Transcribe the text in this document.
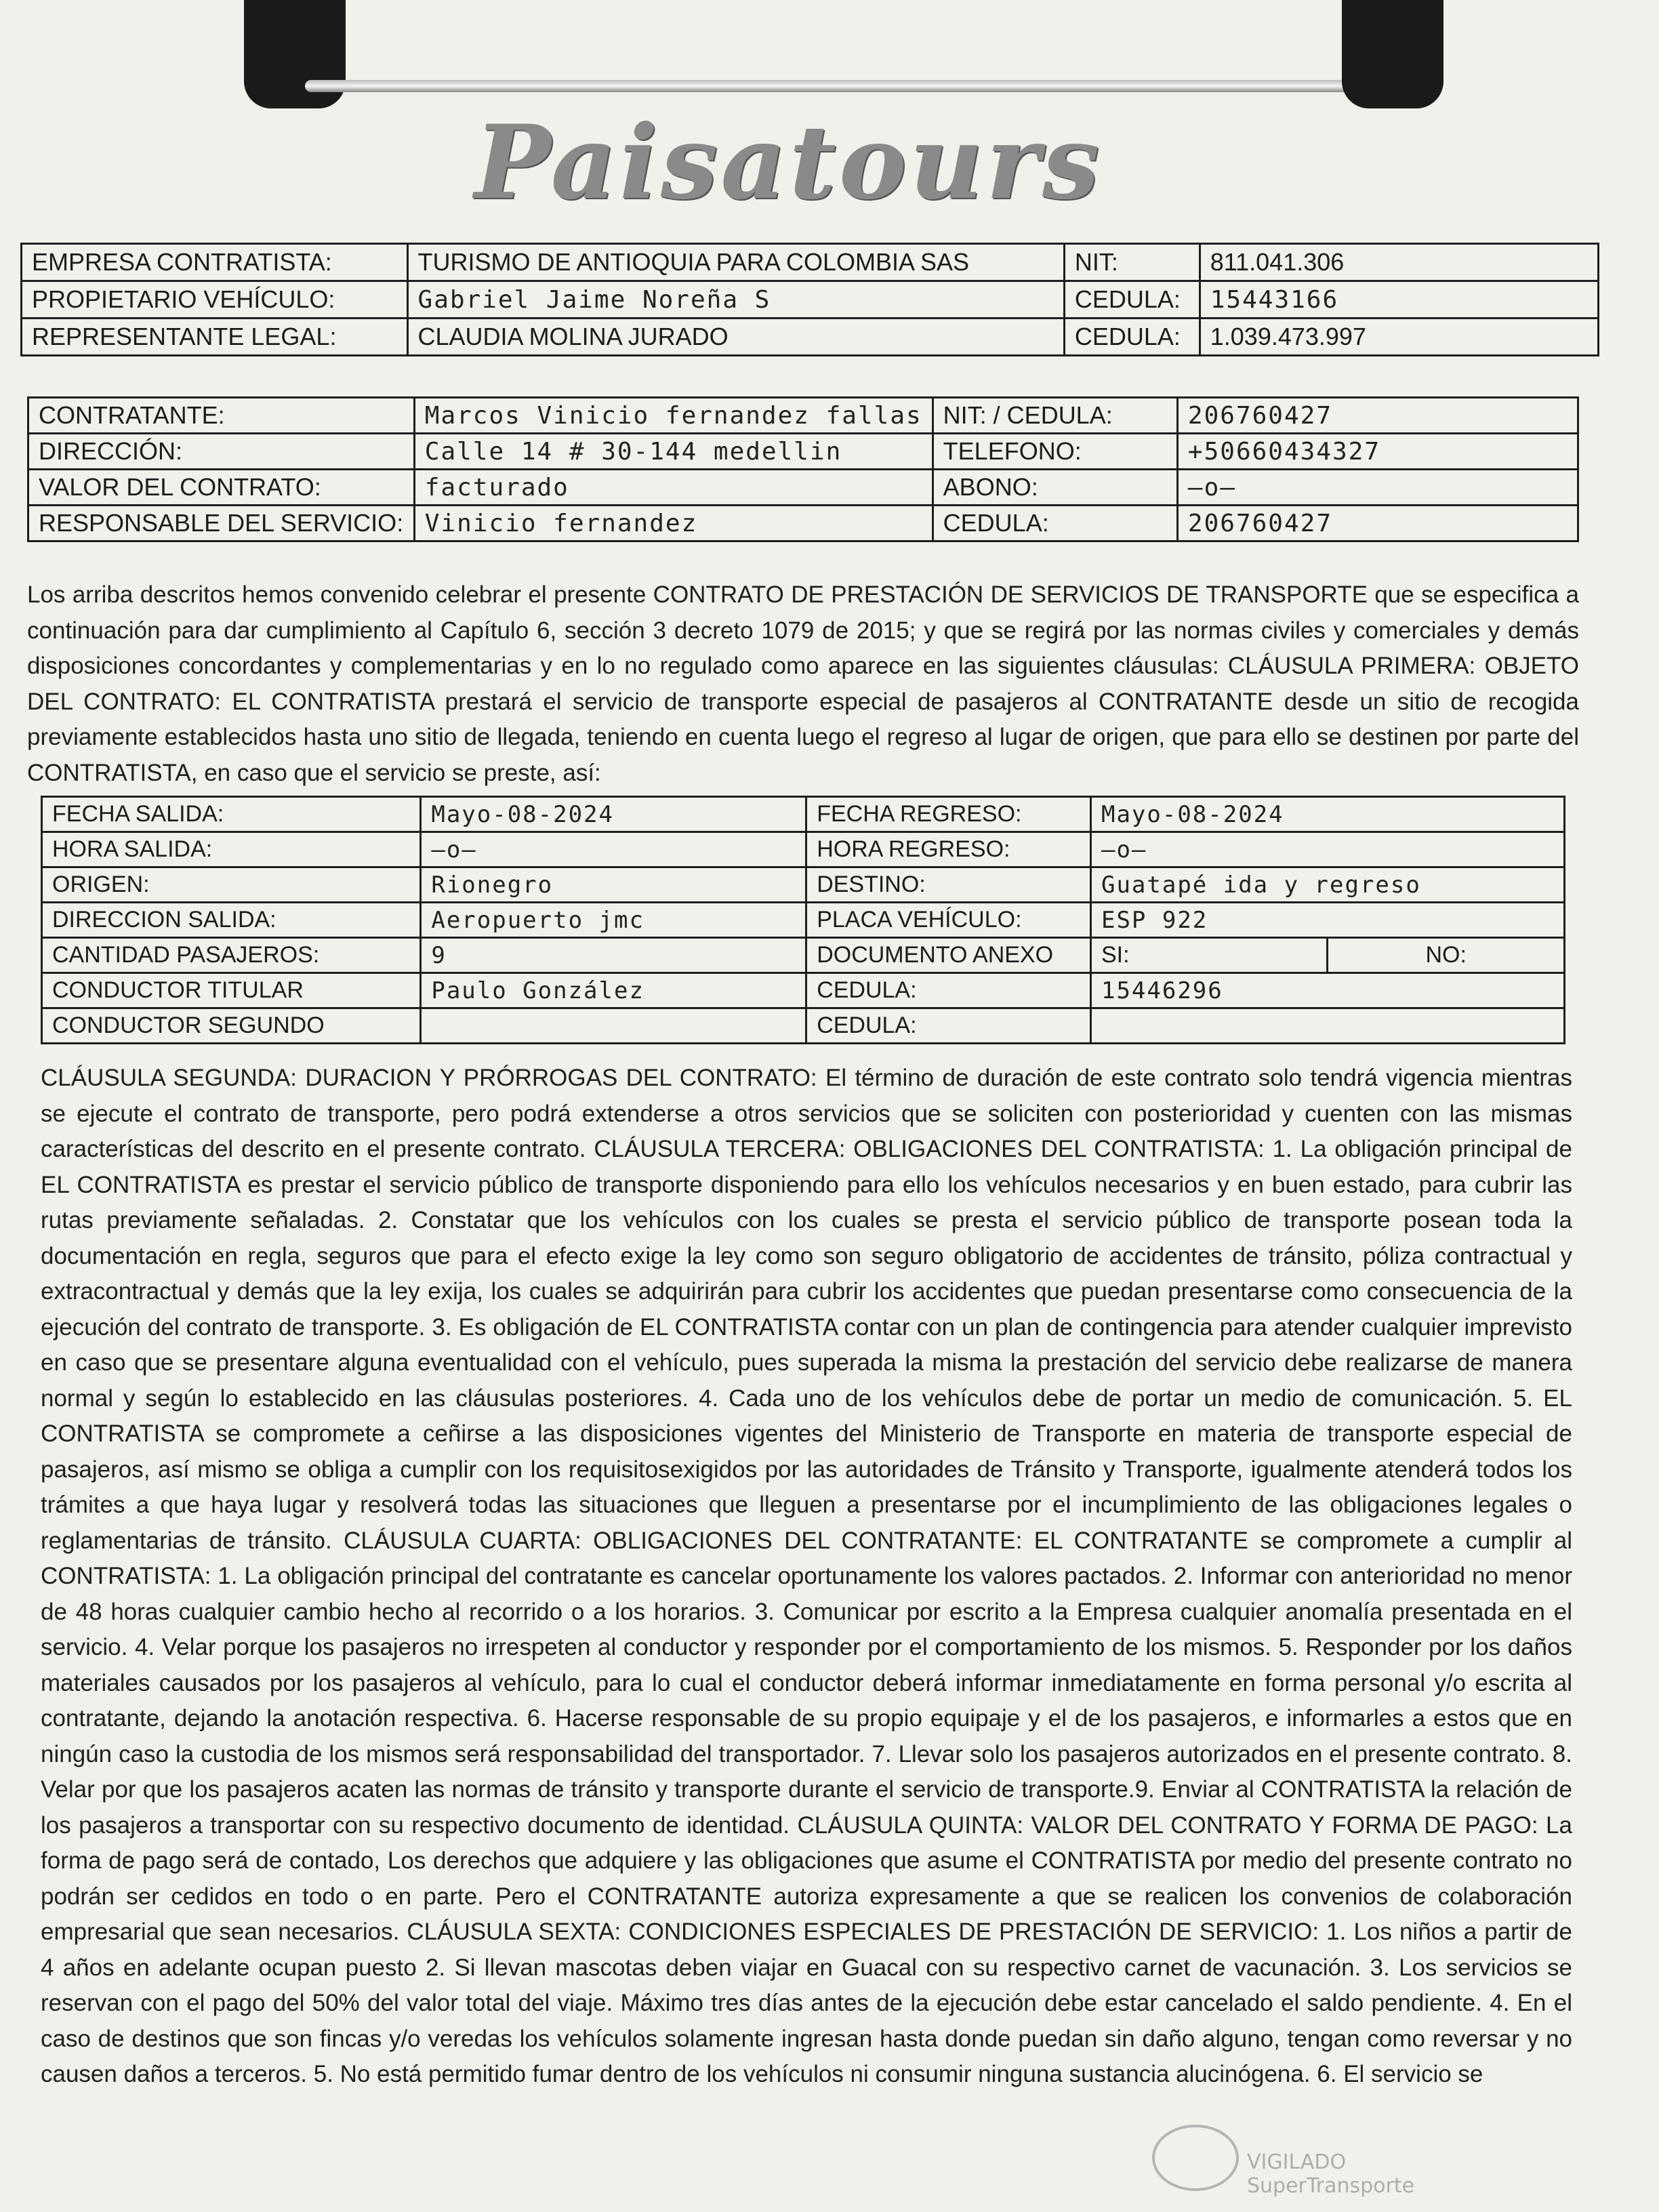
Paisatours
EMPRESA CONTRATISTA:	TURISMO DE ANTIOQUIA PARA COLOMBIA SAS	NIT:	811.041.306
PROPIETARIO VEHÍCULO:	Gabriel Jaime Noreña S	CEDULA:	15443166
REPRESENTANTE LEGAL:	CLAUDIA MOLINA JURADO	CEDULA:	1.039.473.997
CONTRATANTE:	Marcos Vinicio fernandez fallas	NIT: / CEDULA:	206760427
DIRECCIÓN:	Calle 14 # 30-144 medellin	TELEFONO:	+50660434327
VALOR DEL CONTRATO:	facturado	ABONO:	—o—
RESPONSABLE DEL SERVICIO:	Vinicio fernandez	CEDULA:	206760427

Los arriba descritos hemos convenido celebrar el presente CONTRATO DE PRESTACIÓN DE SERVICIOS DE TRANSPORTE que se especifica a continuación para dar cumplimiento al Capítulo 6, sección 3 decreto 1079 de 2015; y que se regirá por las normas civiles y comerciales y demás disposiciones concordantes y complementarias y en lo no regulado como aparece en las siguientes cláusulas: CLÁUSULA PRIMERA: OBJETO DEL CONTRATO: EL CONTRATISTA prestará el servicio de transporte especial de pasajeros al CONTRATANTE desde un sitio de recogida previamente establecidos hasta uno sitio de llegada, teniendo en cuenta luego el regreso al lugar de origen, que para ello se destinen por parte del CONTRATISTA, en caso que el servicio se preste, así:

FECHA SALIDA:	Mayo-08-2024	FECHA REGRESO:	Mayo-08-2024	
HORA SALIDA:	—o—	HORA REGRESO:	—o—	
ORIGEN:	Rionegro	DESTINO:	Guatapé ida y regreso	
DIRECCION SALIDA:	Aeropuerto jmc	PLACA VEHÍCULO:	ESP 922	
CANTIDAD PASAJEROS:	9	DOCUMENTO ANEXO	SI:	NO:
CONDUCTOR TITULAR	Paulo González	CEDULA:	15446296	
CONDUCTOR SEGUNDO		CEDULA:		

CLÁUSULA SEGUNDA: DURACION Y PRÓRROGAS DEL CONTRATO: El término de duración de este contrato solo tendrá vigencia mientras se ejecute el contrato de transporte, pero podrá extenderse a otros servicios que se soliciten con posterioridad y cuenten con las mismas características del descrito en el presente contrato. CLÁUSULA TERCERA: OBLIGACIONES DEL CONTRATISTA: 1. La obligación principal de EL CONTRATISTA es prestar el servicio público de transporte disponiendo para ello los vehículos necesarios y en buen estado, para cubrir las rutas previamente señaladas. 2. Constatar que los vehículos con los cuales se presta el servicio público de transporte posean toda la documentación en regla, seguros que para el efecto exige la ley como son seguro obligatorio de accidentes de tránsito, póliza contractual y extracontractual y demás que la ley exija, los cuales se adquirirán para cubrir los accidentes que puedan presentarse como consecuencia de la ejecución del contrato de transporte. 3. Es obligación de EL CONTRATISTA contar con un plan de contingencia para atender cualquier imprevisto en caso que se presentare alguna eventualidad con el vehículo, pues superada la misma la prestación del servicio debe realizarse de manera normal y según lo establecido en las cláusulas posteriores. 4. Cada uno de los vehículos debe de portar un medio de comunicación. 5. EL CONTRATISTA se compromete a ceñirse a las disposiciones vigentes del Ministerio de Transporte en materia de transporte especial de pasajeros, así mismo se obliga a cumplir con los requisitosexigidos por las autoridades de Tránsito y Transporte, igualmente atenderá todos los trámites a que haya lugar y resolverá todas las situaciones que lleguen a presentarse por el incumplimiento de las obligaciones legales o reglamentarias de tránsito. CLÁUSULA CUARTA: OBLIGACIONES DEL CONTRATANTE: EL CONTRATANTE se compromete a cumplir al CONTRATISTA: 1. La obligación principal del contratante es cancelar oportunamente los valores pactados. 2. Informar con anterioridad no menor de 48 horas cualquier cambio hecho al recorrido o a los horarios. 3. Comunicar por escrito a la Empresa cualquier anomalía presentada en el servicio. 4. Velar porque los pasajeros no irrespeten al conductor y responder por el comportamiento de los mismos. 5. Responder por los daños materiales causados por los pasajeros al vehículo, para lo cual el conductor deberá informar inmediatamente en forma personal y/o escrita al contratante, dejando la anotación respectiva. 6. Hacerse responsable de su propio equipaje y el de los pasajeros, e informarles a estos que en ningún caso la custodia de los mismos será responsabilidad del transportador. 7. Llevar solo los pasajeros autorizados en el presente contrato. 8. Velar por que los pasajeros acaten las normas de tránsito y transporte durante el servicio de transporte.9. Enviar al CONTRATISTA la relación de los pasajeros a transportar con su respectivo documento de identidad. CLÁUSULA QUINTA: VALOR DEL CONTRATO Y FORMA DE PAGO: La forma de pago será de contado, Los derechos que adquiere y las obligaciones que asume el CONTRATISTA por medio del presente contrato no podrán ser cedidos en todo o en parte. Pero el CONTRATANTE autoriza expresamente a que se realicen los convenios de colaboración empresarial que sean necesarios. CLÁUSULA SEXTA: CONDICIONES ESPECIALES DE PRESTACIÓN DE SERVICIO: 1. Los niños a partir de 4 años en adelante ocupan puesto 2. Si llevan mascotas deben viajar en Guacal con su respectivo carnet de vacunación. 3. Los servicios se reservan con el pago del 50% del valor total del viaje. Máximo tres días antes de la ejecución debe estar cancelado el saldo pendiente. 4. En el caso de destinos que son fincas y/o veredas los vehículos solamente ingresan hasta donde puedan sin daño alguno, tengan como reversar y no causen daños a terceros. 5. No está permitido fumar dentro de los vehículos ni consumir ninguna sustancia alucinógena. 6. El servicio se

VIGILADO SuperTransporte
